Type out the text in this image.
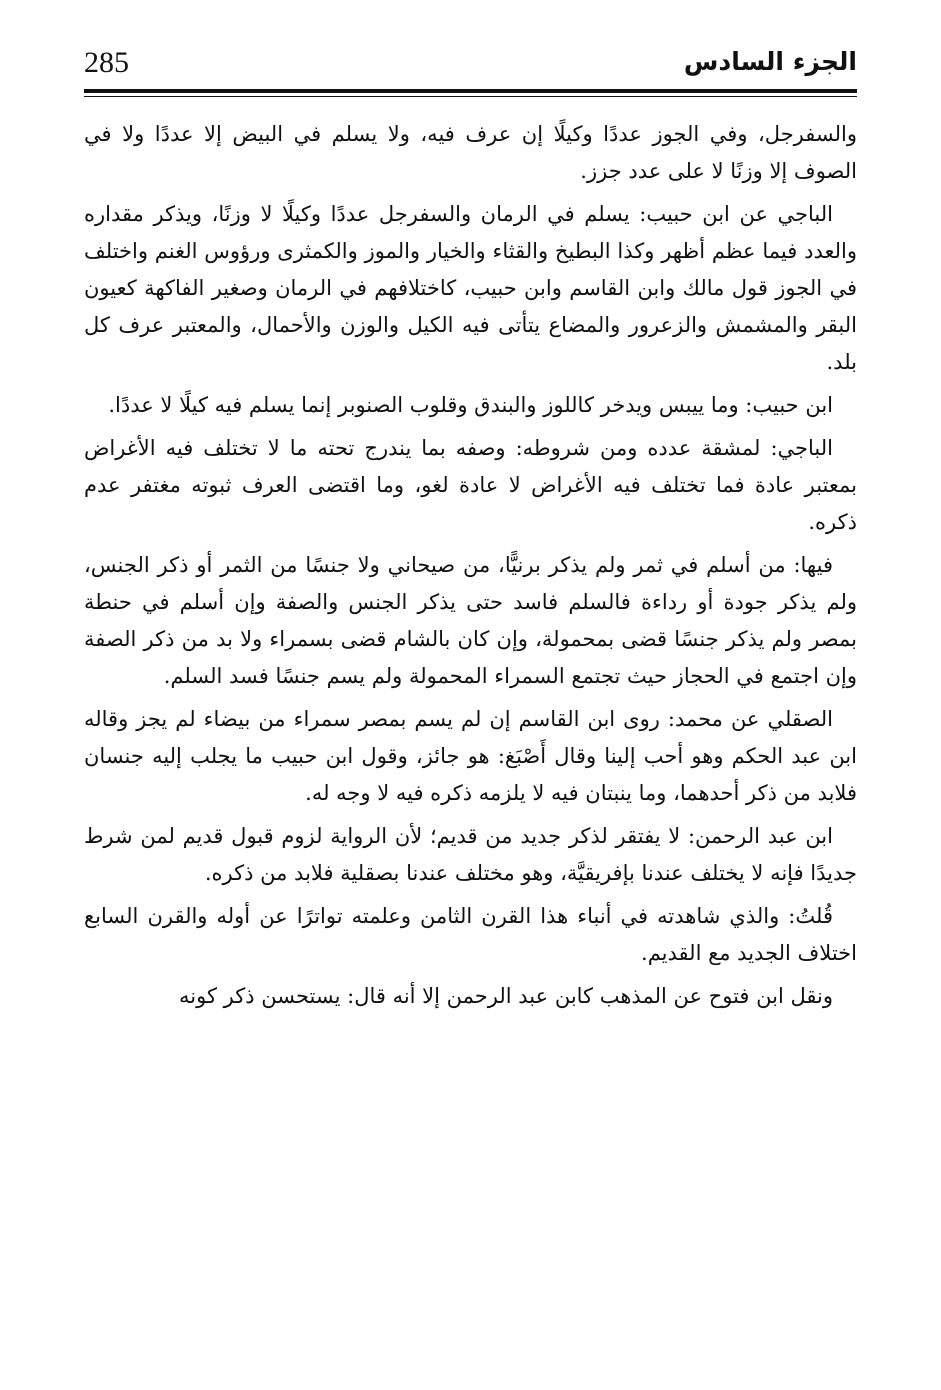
285	الجزء السادس

والسفرجل، وفي الجوز عددًا وكيلًا إن عرف فيه، ولا يسلم في البيض إلا عددًا ولا في الصوف إلا وزنًا لا على عدد جزز.

الباجي عن ابن حبيب: يسلم في الرمان والسفرجل عددًا وكيلًا لا وزنًا، ويذكر مقداره والعدد فيما عظم أظهر وكذا البطيخ والقثاء والخيار والموز والكمثرى ورؤوس الغنم واختلف في الجوز قول مالك وابن القاسم وابن حبيب، كاختلافهم في الرمان وصغير الفاكهة كعيون البقر والمشمش والزعرور والمضاع يتأتى فيه الكيل والوزن والأحمال، والمعتبر عرف كل بلد.

ابن حبيب: وما ييبس ويدخر كاللوز والبندق وقلوب الصنوبر إنما يسلم فيه كيلًا لا عددًا.

الباجي: لمشقة عدده ومن شروطه: وصفه بما يندرج تحته ما لا تختلف فيه الأغراض بمعتبر عادة فما تختلف فيه الأغراض لا عادة لغو، وما اقتضى العرف ثبوته مغتفر عدم ذكره.

فيها: من أسلم في ثمر ولم يذكر برنيًّا، من صيحاني ولا جنسًا من الثمر أو ذكر الجنس، ولم يذكر جودة أو رداءة فالسلم فاسد حتى يذكر الجنس والصفة وإن أسلم في حنطة بمصر ولم يذكر جنسًا قضى بمحمولة، وإن كان بالشام قضى بسمراء ولا بد من ذكر الصفة وإن اجتمع في الحجاز حيث تجتمع السمراء المحمولة ولم يسم جنسًا فسد السلم.

الصقلي عن محمد: روى ابن القاسم إن لم يسم بمصر سمراء من بيضاء لم يجز وقاله ابن عبد الحكم وهو أحب إلينا وقال أَصْبَغ: هو جائز، وقول ابن حبيب ما يجلب إليه جنسان فلابد من ذكر أحدهما، وما ينبتان فيه لا يلزمه ذكره فيه لا وجه له.

ابن عبد الرحمن: لا يفتقر لذكر جديد من قديم؛ لأن الرواية لزوم قبول قديم لمن شرط جديدًا فإنه لا يختلف عندنا بإفريقيَّة، وهو مختلف عندنا بصقلية فلابد من ذكره.

قُلتُ: والذي شاهدته في أنباء هذا القرن الثامن وعلمته تواترًا عن أوله والقرن السابع اختلاف الجديد مع القديم.

ونقل ابن فتوح عن المذهب كابن عبد الرحمن إلا أنه قال: يستحسن ذكر كونه
